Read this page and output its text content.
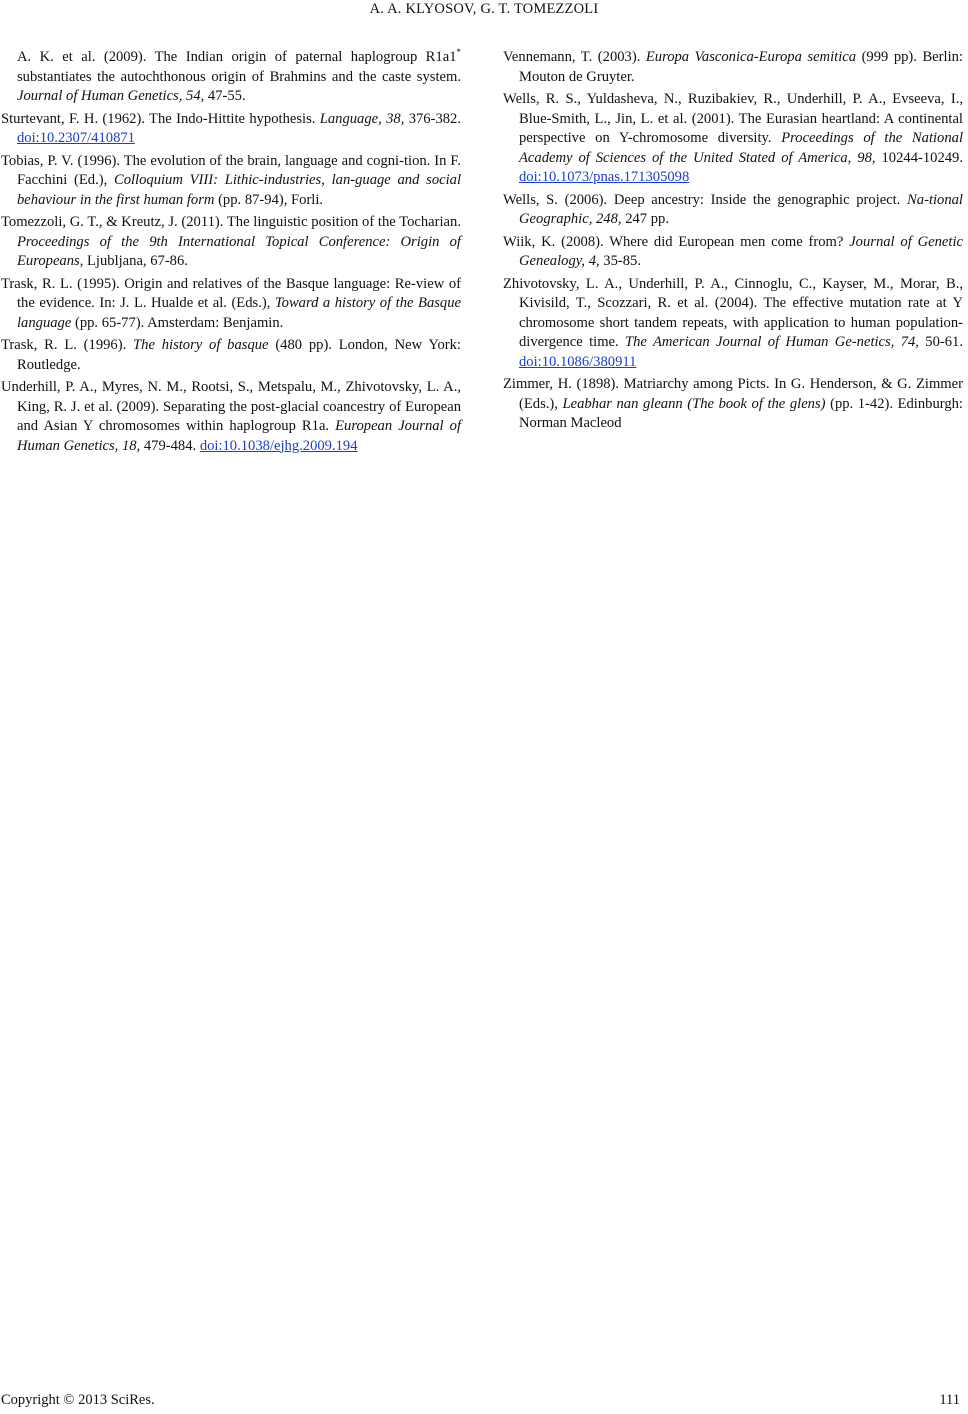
A. A. KLYOSOV, G. T. TOMEZZOLI

A. K. et al. (2009). The Indian origin of paternal haplogroup R1a1* substantiates the autochthonous origin of Brahmins and the caste system. Journal of Human Genetics, 54, 47-55.

Sturtevant, F. H. (1962). The Indo-Hittite hypothesis. Language, 38, 376-382. doi:10.2307/410871

Tobias, P. V. (1996). The evolution of the brain, language and cogni-tion. In F. Facchini (Ed.), Colloquium VIII: Lithic-industries, lan-guage and social behaviour in the first human form (pp. 87-94), Forli.

Tomezzoli, G. T., & Kreutz, J. (2011). The linguistic position of the Tocharian. Proceedings of the 9th International Topical Conference: Origin of Europeans, Ljubljana, 67-86.

Trask, R. L. (1995). Origin and relatives of the Basque language: Re-view of the evidence. In: J. L. Hualde et al. (Eds.), Toward a history of the Basque language (pp. 65-77). Amsterdam: Benjamin.

Trask, R. L. (1996). The history of basque (480 pp). London, New York: Routledge.

Underhill, P. A., Myres, N. M., Rootsi, S., Metspalu, M., Zhivotovsky, L. A., King, R. J. et al. (2009). Separating the post-glacial coancestry of European and Asian Y chromosomes within haplogroup R1a. European Journal of Human Genetics, 18, 479-484. doi:10.1038/ejhg.2009.194

Vennemann, T. (2003). Europa Vasconica-Europa semitica (999 pp). Berlin: Mouton de Gruyter.

Wells, R. S., Yuldasheva, N., Ruzibakiev, R., Underhill, P. A., Evseeva, I., Blue-Smith, L., Jin, L. et al. (2001). The Eurasian heartland: A continental perspective on Y-chromosome diversity. Proceedings of the National Academy of Sciences of the United Stated of America, 98, 10244-10249. doi:10.1073/pnas.171305098

Wells, S. (2006). Deep ancestry: Inside the genographic project. Na-tional Geographic, 248, 247 pp.

Wiik, K. (2008). Where did European men come from? Journal of Genetic Genealogy, 4, 35-85.

Zhivotovsky, L. A., Underhill, P. A., Cinnoglu, C., Kayser, M., Morar, B., Kivisild, T., Scozzari, R. et al. (2004). The effective mutation rate at Y chromosome short tandem repeats, with application to human population-divergence time. The American Journal of Human Ge-netics, 74, 50-61. doi:10.1086/380911

Zimmer, H. (1898). Matriarchy among Picts. In G. Henderson, & G. Zimmer (Eds.), Leabhar nan gleann (The book of the glens) (pp. 1-42). Edinburgh: Norman Macleod

Copyright © 2013 SciRes.	111
